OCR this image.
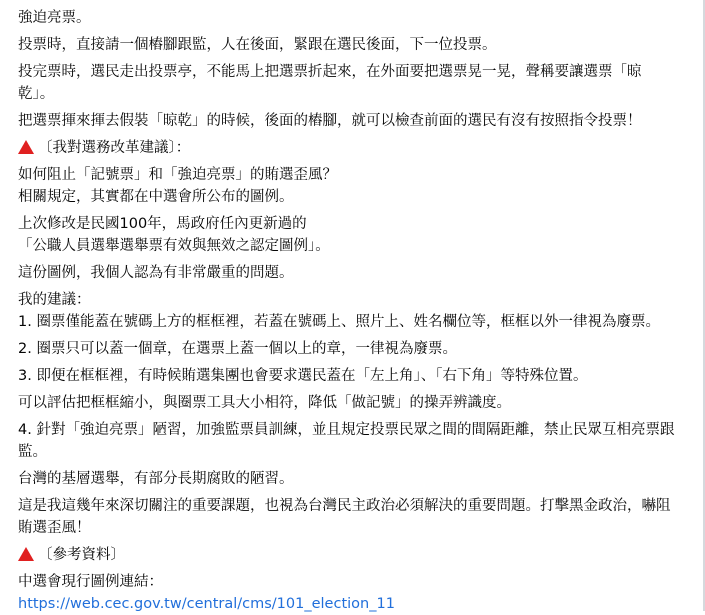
強迫亮票。
投票時，直接請一個樁腳跟監，人在後面，緊跟在選民後面，下一位投票。
投完票時，選民走出投票亭，不能馬上把選票折起來，在外面要把選票晃一晃，聲稱要讓選票「晾
乾」。
把選票揮來揮去假裝「晾乾」的時候，後面的樁腳，就可以檢查前面的選民有沒有按照指令投票！
〔我對選務改革建議〕：
如何阻止「記號票」和「強迫亮票」的賄選歪風？
相關規定，其實都在中選會所公布的圖例。
上次修改是民國100年，馬政府任內更新過的
「公職人員選舉選舉票有效與無效之認定圖例」。
這份圖例，我個人認為有非常嚴重的問題。
我的建議：
1. 圈票僅能蓋在號碼上方的框框裡，若蓋在號碼上、照片上、姓名欄位等，框框以外一律視為廢票。
2. 圈票只可以蓋一個章，在選票上蓋一個以上的章，一律視為廢票。
3. 即便在框框裡，有時候賄選集團也會要求選民蓋在「左上角」、「右下角」等特殊位置。
可以評估把框框縮小，與圈票工具大小相符，降低「做記號」的操弄辨識度。
4. 針對「強迫亮票」陋習，加強監票員訓練，並且規定投票民眾之間的間隔距離，禁止民眾互相亮票跟
監。
台灣的基層選舉，有部分長期腐敗的陋習。
這是我這幾年來深切關注的重要課題，也視為台灣民主政治必須解決的重要問題。打擊黑金政治，嚇阻
賄選歪風！
〔參考資料〕
中選會現行圖例連結：
https://web.cec.gov.tw/central/cms/101_election_11
